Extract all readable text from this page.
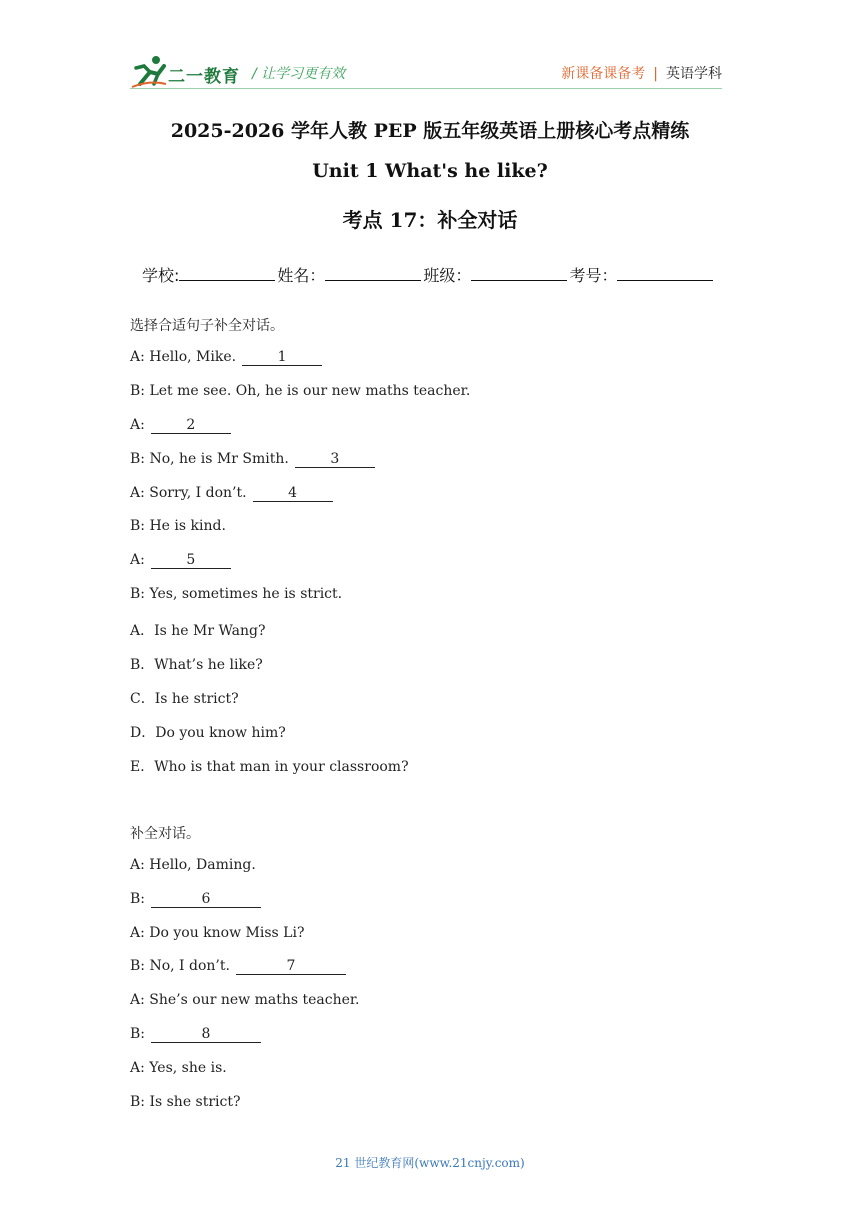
二一教育 / 让学习更有效	新课备课备考 | 英语学科
2025-2026 学年人教 PEP 版五年级英语上册核心考点精练
Unit 1 What's he like?
考点 17：补全对话
学校:	姓名：	班级：	考号：
选择合适句子补全对话。
A: Hello, Mike.	1
B: Let me see. Oh, he is our new maths teacher.
A:	2
B: No, he is Mr Smith.	3
A: Sorry, I don’t.	4
B: He is kind.
A:	5
B: Yes, sometimes he is strict.
A．Is he Mr Wang?
B．What’s he like?
C．Is he strict?
D．Do you know him?
E．Who is that man in your classroom?
补全对话。
A: Hello, Daming.
B:	6
A: Do you know Miss Li?
B: No, I don’t.	7
A: She’s our new maths teacher.
B:	8
A: Yes, she is.
B: Is she strict?
21 世纪教育网(www.21cnjy.com)
